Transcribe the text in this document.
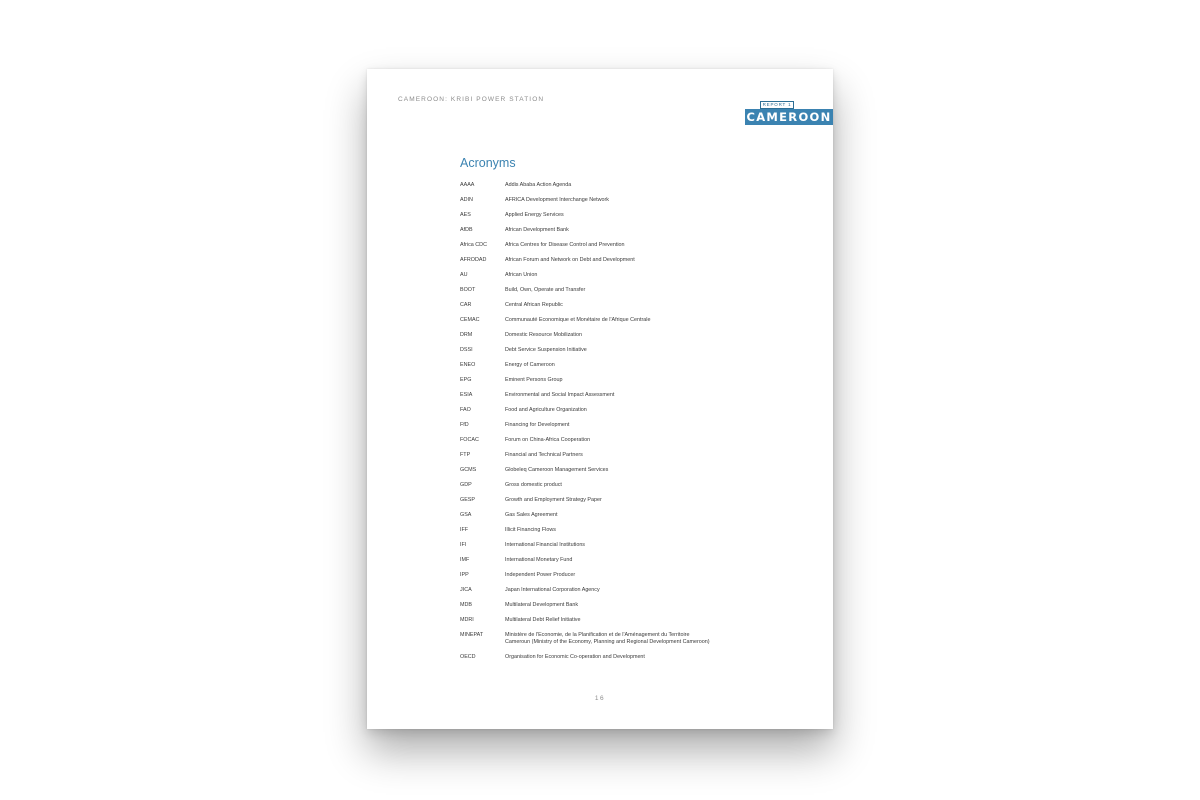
CAMEROON: KRIBI POWER STATION
REPORT 1
CAMEROON
Acronyms
AAAA	Addis Ababa Action Agenda
ADIN	AFRICA Development Interchange Network
AES	Applied Energy Services
AfDB	African Development Bank
Africa CDC	Africa Centres for Disease Control and Prevention
AFRODAD	African Forum and Network on Debt and Development
AU	African Union
BOOT	Build, Own, Operate and Transfer
CAR	Central African Republic
CEMAC	Communauté Economique et Monétaire de l'Afrique Centrale
DRM	Domestic Resource Mobilization
DSSI	Debt Service Suspension Initiative
ENEO	Energy of Cameroon
EPG	Eminent Persons Group
ESIA	Environmental and Social Impact Assessment
FAO	Food and Agriculture Organization
FfD	Financing for Development
FOCAC	Forum on China-Africa Cooperation
FTP	Financial and Technical Partners
GCMS	Globeleq Cameroon Management Services
GDP	Gross domestic product
GESP	Growth and Employment Strategy Paper
GSA	Gas Sales Agreement
IFF	Illicit Financing Flows
IFI	International Financial Institutions
IMF	International Monetary Fund
IPP	Independent Power Producer
JICA	Japan International Corporation Agency
MDB	Multilateral Development Bank
MDRI	Multilateral Debt Relief Initiative
MINEPAT	Ministère de l'Economie, de la Planification et de l'Aménagement du Territoire
Cameroun (Ministry of the Economy, Planning and Regional Development Cameroon)
OECD	Organisation for Economic Co-operation and Development
16
